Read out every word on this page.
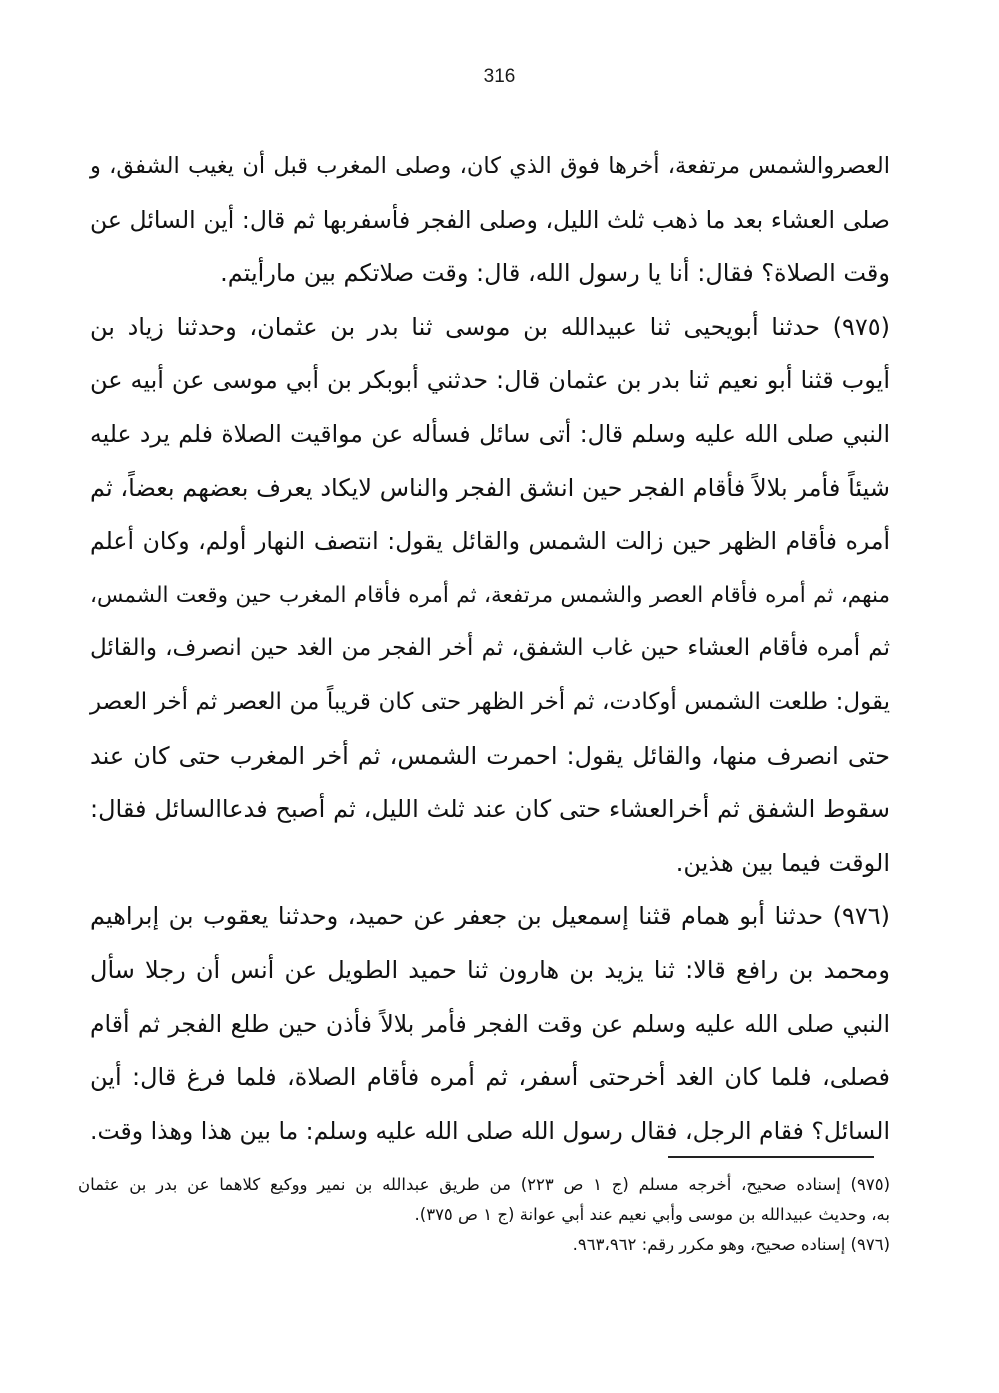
316
العصروالشمس مرتفعة، أخرها فوق الذي كان، وصلى المغرب قبل أن يغيب الشفق، و
صلى العشاء بعد ما ذهب ثلث الليل، وصلى الفجر فأسفربها ثم قال: أين السائل عن
وقت الصلاة؟ فقال: أنا يا رسول الله، قال: وقت صلاتكم بين مارأيتم.
(٩٧٥) حدثنا أبويحيى ثنا عبيدالله بن موسى ثنا بدر بن عثمان، وحدثنا زياد بن
أيوب قثنا أبو نعيم ثنا بدر بن عثمان قال: حدثني أبوبكر بن أبي موسى عن أبيه عن
النبي صلى الله عليه وسلم قال: أتى سائل فسأله عن مواقيت الصلاة فلم يرد عليه
شيئاً فأمر بلالاً فأقام الفجر حين انشق الفجر والناس لايكاد يعرف بعضهم بعضاً، ثم
أمره فأقام الظهر حين زالت الشمس والقائل يقول: انتصف النهار أولم، وكان أعلم
منهم، ثم أمره فأقام العصر والشمس مرتفعة، ثم أمره فأقام المغرب حين وقعت الشمس،
ثم أمره فأقام العشاء حين غاب الشفق، ثم أخر الفجر من الغد حين انصرف، والقائل
يقول: طلعت الشمس أوكادت، ثم أخر الظهر حتى كان قريباً من العصر ثم أخر العصر
حتى انصرف منها، والقائل يقول: احمرت الشمس، ثم أخر المغرب حتى كان عند
سقوط الشفق ثم أخرالعشاء حتى كان عند ثلث الليل، ثم أصبح فدعاالسائل فقال:
الوقت فيما بين هذين.
(٩٧٦) حدثنا أبو همام قثنا إسمعيل بن جعفر عن حميد، وحدثنا يعقوب بن إبراهيم
ومحمد بن رافع قالا: ثنا يزيد بن هارون ثنا حميد الطويل عن أنس أن رجلا سأل
النبي صلى الله عليه وسلم عن وقت الفجر فأمر بلالاً فأذن حين طلع الفجر ثم أقام
فصلى، فلما كان الغد أخرحتى أسفر، ثم أمره فأقام الصلاة، فلما فرغ قال: أين
السائل؟ فقام الرجل، فقال رسول الله صلى الله عليه وسلم: ما بين هذا وهذا وقت.
(٩٧٥) إسناده صحيح، أخرجه مسلم (ج ١ ص ٢٢٣) من طريق عبدالله بن نمير ووكيع كلاهما عن بدر بن عثمان
به، وحديث عبيدالله بن موسى وأبي نعيم عند أبي عوانة (ج ١ ص ٣٧٥).
(٩٧٦) إسناده صحيح، وهو مكرر رقم: ٩٦٣،٩٦٢.
